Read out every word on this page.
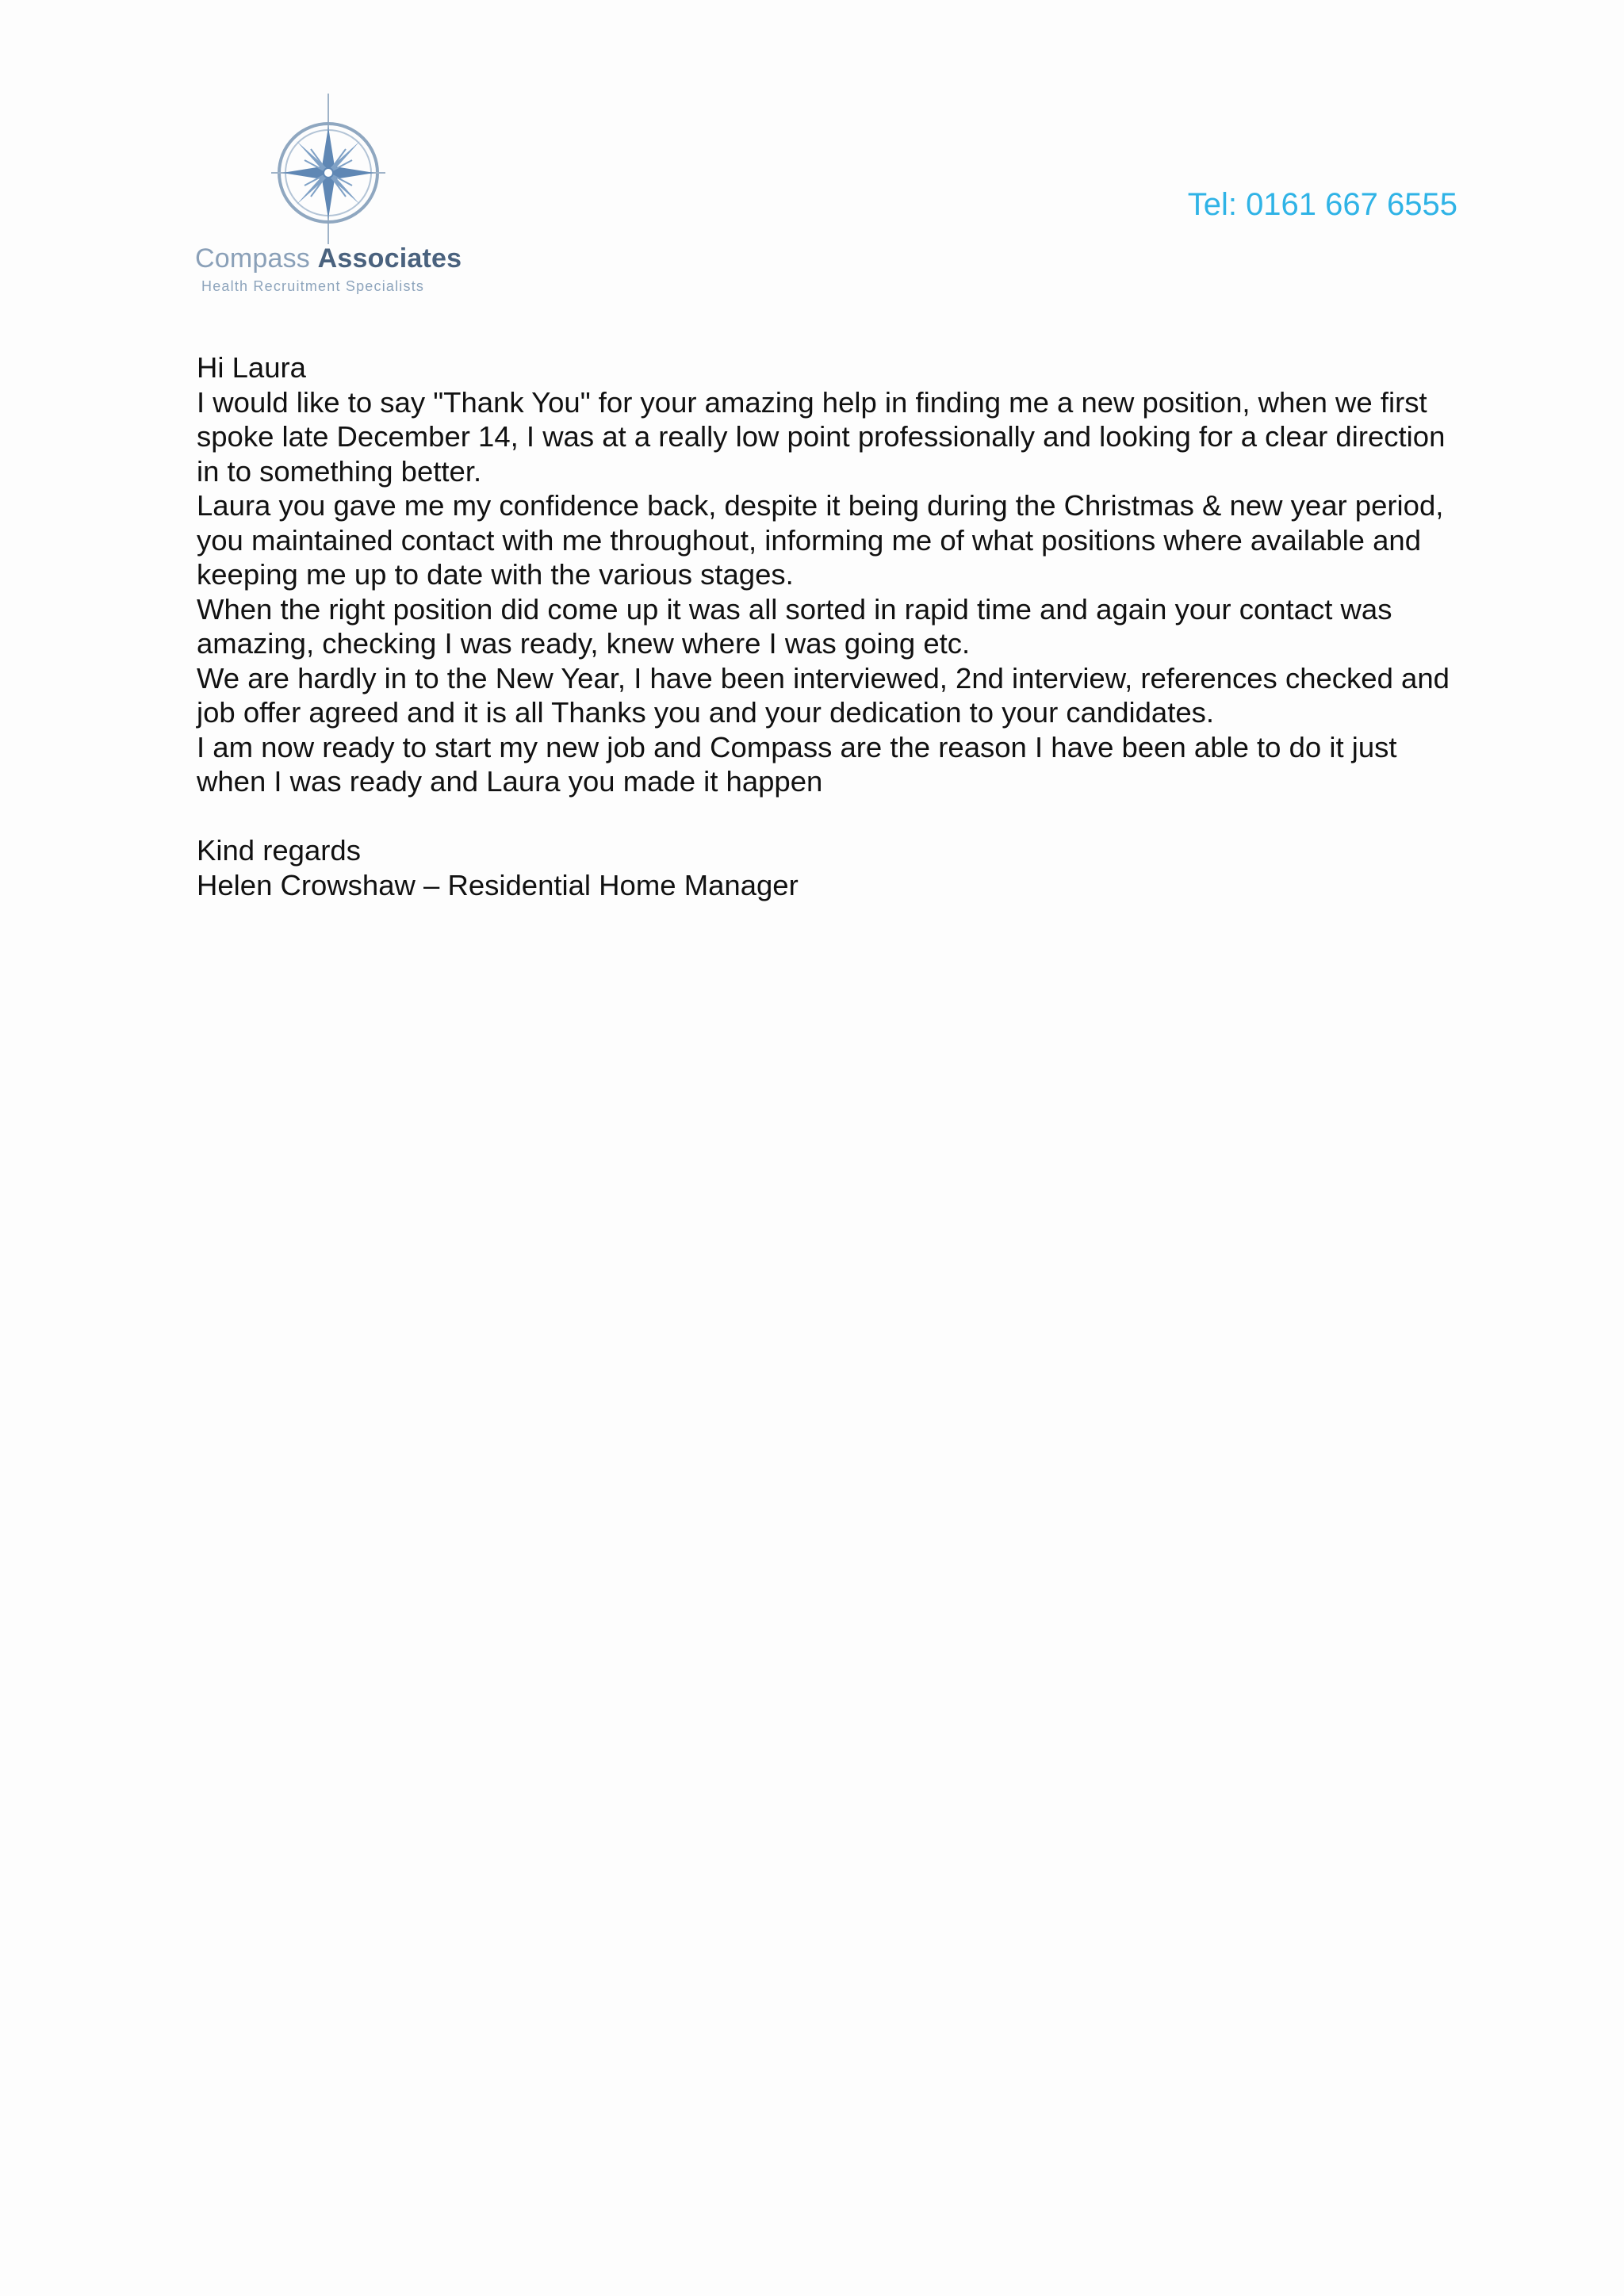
Compass Associates
Health Recruitment Specialists
Tel: 0161 667 6555

Hi Laura

I would like to say "Thank You" for your amazing help in finding me a new position, when we first spoke late December 14, I was at a really low point professionally and looking for a clear direction in to something better.

Laura you gave me my confidence back, despite it being during the Christmas & new year period, you maintained contact with me throughout, informing me of what positions where available and keeping me up to date with the various stages.

When the right position did come up it was all sorted in rapid time and again your contact was amazing, checking I was ready, knew where I was going etc.

We are hardly in to the New Year, I have been interviewed, 2nd interview, references checked and job offer agreed and it is all Thanks you and your dedication to your candidates.

I am now ready to start my new job and Compass are the reason I have been able to do it just when I was ready and Laura you made it happen

Kind regards

Helen Crowshaw – Residential Home Manager
